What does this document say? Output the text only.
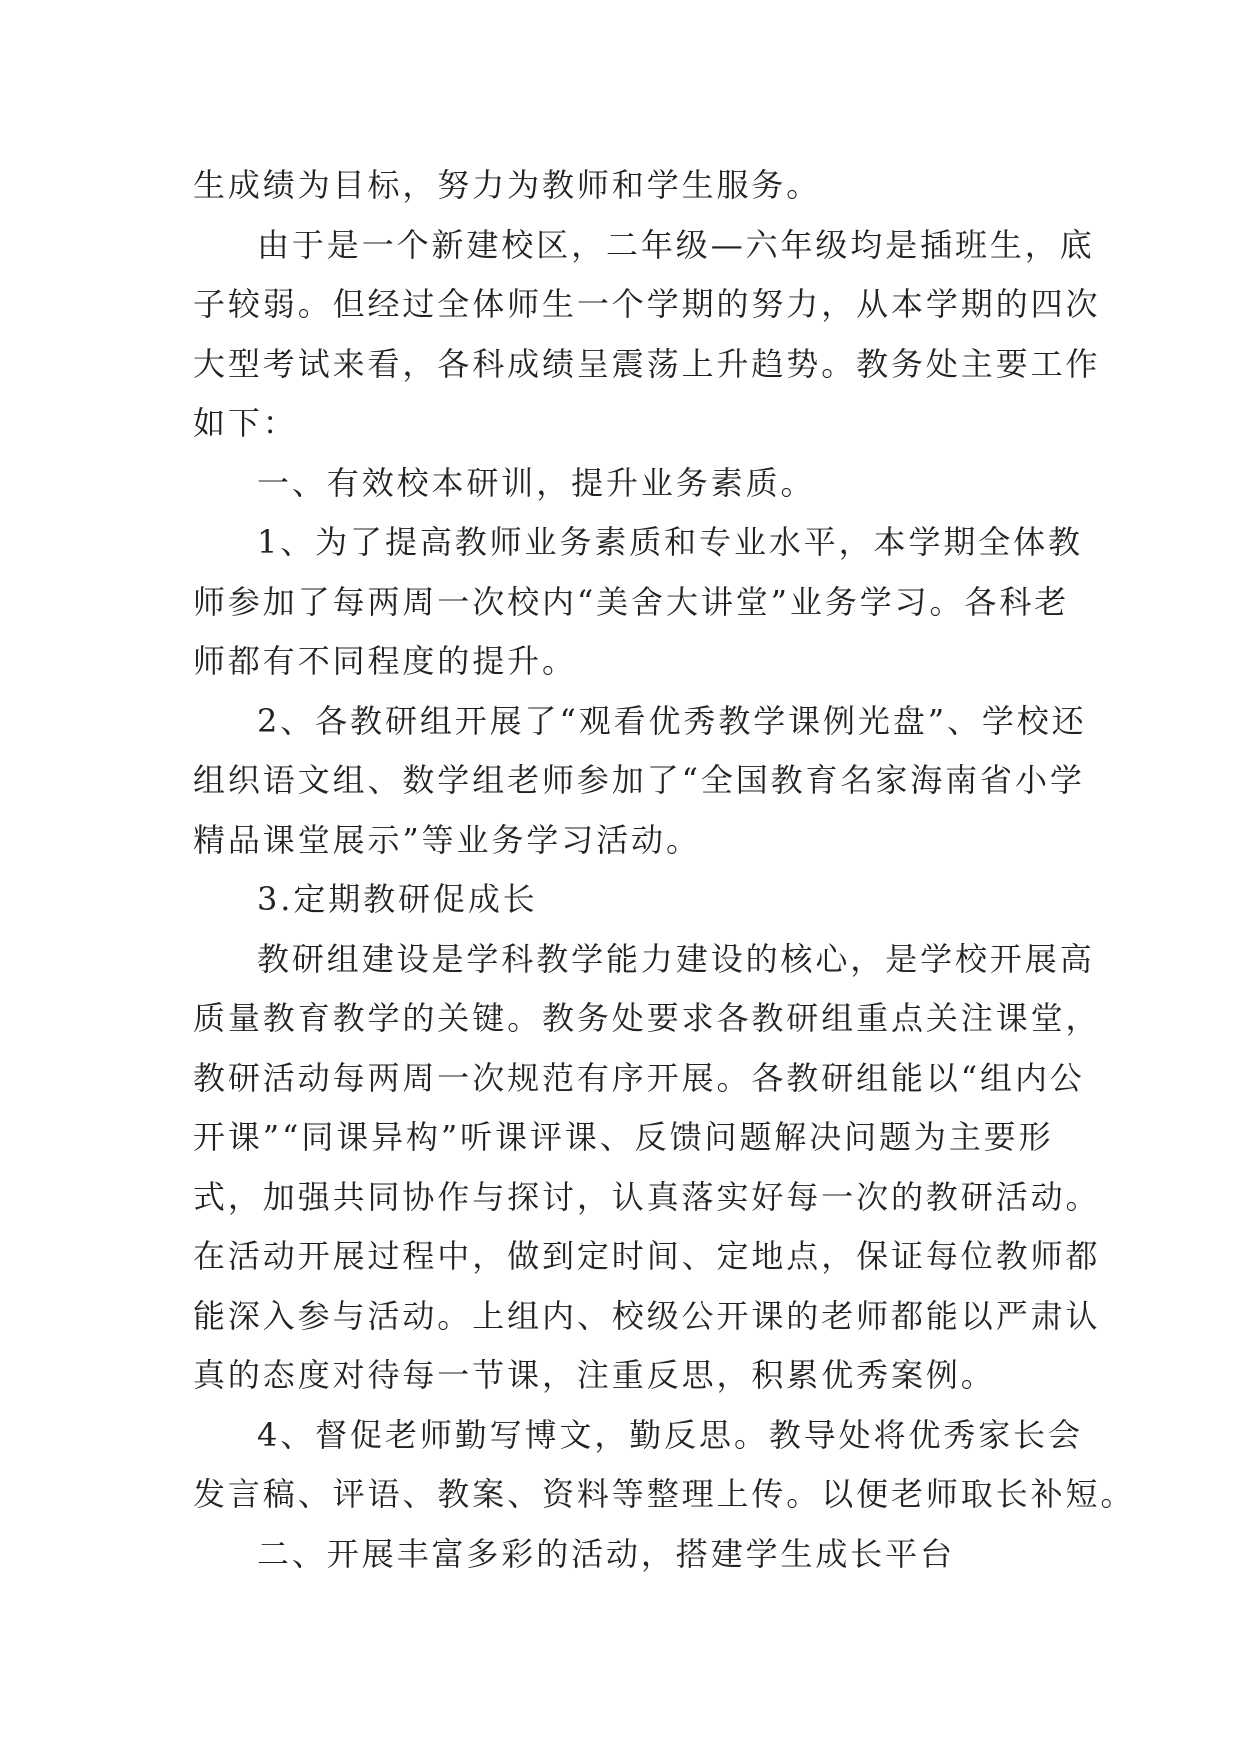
生成绩为目标，努力为教师和学生服务。
由于是一个新建校区，二年级—六年级均是插班生，底
子较弱。但经过全体师生一个学期的努力，从本学期的四次
大型考试来看，各科成绩呈震荡上升趋势。教务处主要工作
如下：
一、有效校本研训，提升业务素质。
1、为了提高教师业务素质和专业水平，本学期全体教
师参加了每两周一次校内“美舍大讲堂”业务学习。各科老
师都有不同程度的提升。
2、各教研组开展了“观看优秀教学课例光盘”、学校还
组织语文组、数学组老师参加了“全国教育名家海南省小学
精品课堂展示”等业务学习活动。
3.定期教研促成长
教研组建设是学科教学能力建设的核心，是学校开展高
质量教育教学的关键。教务处要求各教研组重点关注课堂，
教研活动每两周一次规范有序开展。各教研组能以“组内公
开课”“同课异构”听课评课、反馈问题解决问题为主要形
式，加强共同协作与探讨，认真落实好每一次的教研活动。
在活动开展过程中，做到定时间、定地点，保证每位教师都
能深入参与活动。上组内、校级公开课的老师都能以严肃认
真的态度对待每一节课，注重反思，积累优秀案例。
4、督促老师勤写博文，勤反思。教导处将优秀家长会
发言稿、评语、教案、资料等整理上传。以便老师取长补短。
二、开展丰富多彩的活动，搭建学生成长平台
